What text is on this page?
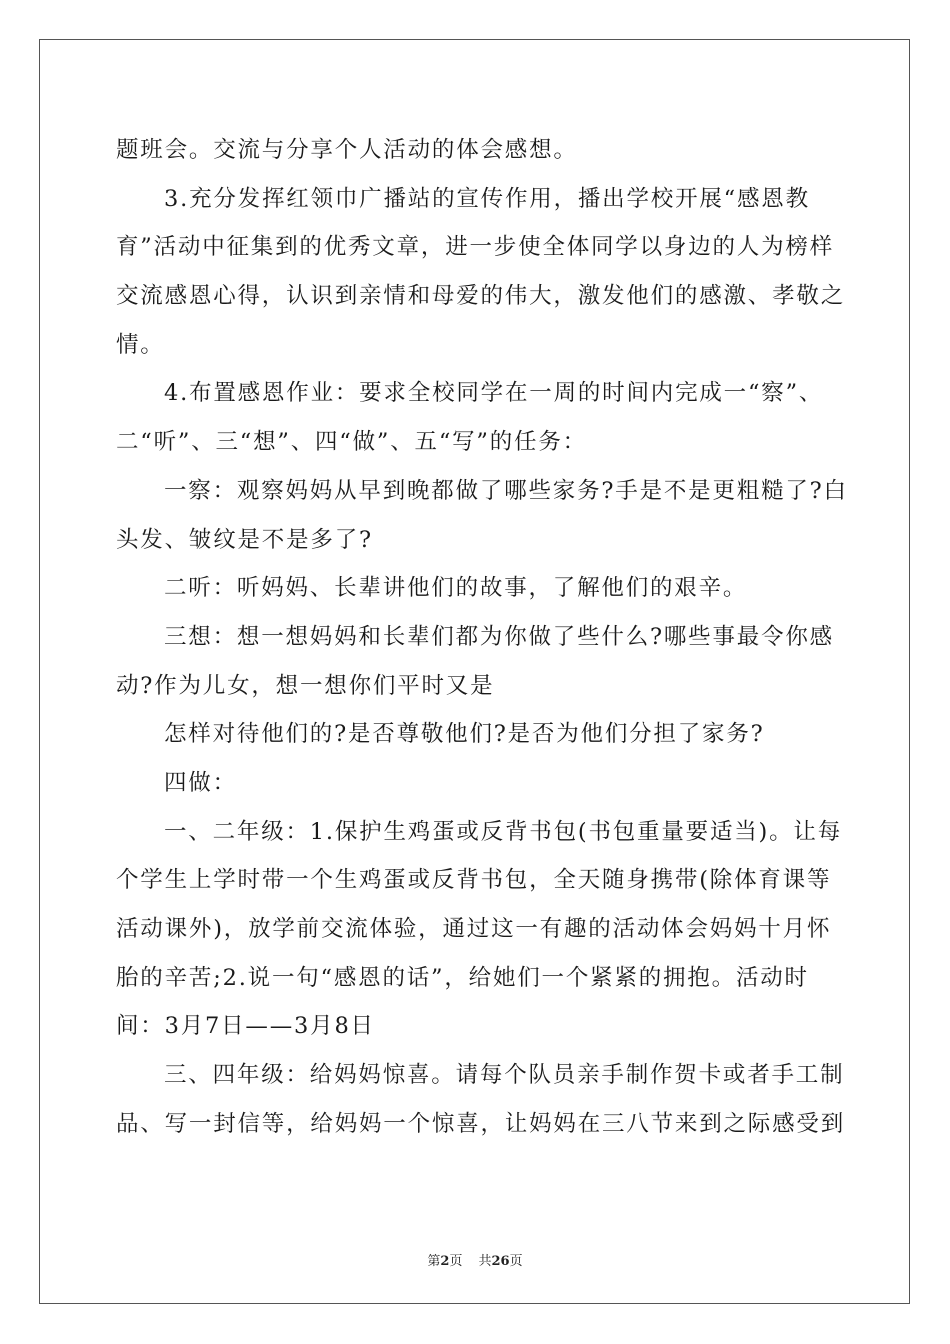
题班会。交流与分享个人活动的体会感想。
3.充分发挥红领巾广播站的宣传作用，播出学校开展“感恩教
育”活动中征集到的优秀文章，进一步使全体同学以身边的人为榜样
交流感恩心得，认识到亲情和母爱的伟大，激发他们的感激、孝敬之
情。
4.布置感恩作业：要求全校同学在一周的时间内完成一“察”、
二“听”、三“想”、四“做”、五“写”的任务：
一察：观察妈妈从早到晚都做了哪些家务?手是不是更粗糙了?白
头发、皱纹是不是多了?
二听：听妈妈、长辈讲他们的故事，了解他们的艰辛。
三想：想一想妈妈和长辈们都为你做了些什么?哪些事最令你感
动?作为儿女，想一想你们平时又是
怎样对待他们的?是否尊敬他们?是否为他们分担了家务?
四做：
一、二年级：1.保护生鸡蛋或反背书包(书包重量要适当)。让每
个学生上学时带一个生鸡蛋或反背书包，全天随身携带(除体育课等
活动课外)，放学前交流体验，通过这一有趣的活动体会妈妈十月怀
胎的辛苦;2.说一句“感恩的话”，给她们一个紧紧的拥抱。活动时
间：3月7日——3月8日
三、四年级：给妈妈惊喜。请每个队员亲手制作贺卡或者手工制
品、写一封信等，给妈妈一个惊喜，让妈妈在三八节来到之际感受到
第2页 共26页
